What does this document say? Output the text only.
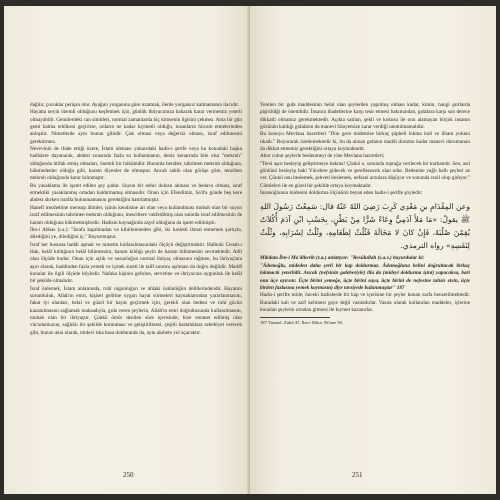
dağılır, çocuklar perişan olur. Ayağını yorganına göre uzatmak, ilerde yorgansız kalmamanın ilacıdır.
Hayatta neyin önemli olduğunu keşfetmek için, günlük ihtiyacımıza bakarak karar vermemiz yeterli olmayabilir. Gemilerdeki can simitleri, normal zamanlarda hiç kimsenin ilgisini çekmez. Ama bir gün gemi batma tehlikesi geçirirse, onların ne kadar kıymetli olduğu, insanların hücum etmelerinden anlaşılır. Nimetlerde aynı bunun gibidir. Çok olması veya değersiz olması, israf edilmesini gerektirmez.
Nevevinin de ifade ettiği üzere, İslam uleması yukarıdaki hadis-i şerife veya bu konudaki başka hadislere dayanarak, abdest sırasında fazla su kullanmanın, deniz kenarında bile olsa "mekruh" olduğunda ittifak etmiş olmaları, önemli bir hükümdür. Bununla beraber, tahrimen mekruh olduğuna, hükmedenler olduğu gibi, haram diyenler de olmuştur. Ancak sahih olan görüşe göre, tenzihen mekruh olduğunda karar kılınmıştır.
Bu yasaklama ile işaret edilen şey şudur. Suyun bir nehir dolusu akması ve bedava olması, israf etmektiki yasaklanmış ortadan kaldırmamış olmasıdır. Onun için Efendimiz, Sa'd'a günde beş kere abdest alırken israfla bulunmamasını gerektiğini hatırlatmıştır.
Hanefî mezhebine mensup âlimler, işinin kendisine ait olan veya kullanılması mubah olan bir suyun israf edilmesinin tahrimen mekruh olduğunu, mescitlere vakfedilmiş olan sularda israf edilmesinin de haram olduğuna hükmetmişlerdir. Hadisin kaynağında zayıf olduğuna da işaret edilmiştir.
İbn-i Abbas (r.a.): "İsrafa kapılmadan ve kibirlenmeden gibi, iki hasletti ihmal etmemek şartıyla, dilediğini ye, dilediğini iç." Buyurmuştur.
İsraf her hususta haddi aşmak ve nimetin kullanılmasındaki ölçüyü değiştirmektir. Halbuki Cenab-ı Hak, helâl kıldığının helâl bilinmesini, haram kıldığı şeyin de haram bilinmesini sevmektedir. Adil olan ölçüde budur. Onun için açlık ve susuzluğun normal ihtiyaç olmasına rağmen, bu ihtiyaçlara aşırı olarak, haddinden fazla yemek ve içmek sureti ile talif sınırını aşılması da doğru değildir. Maddî konular ile ilgili ölçüde böyledir. Nafaka kişinin gelirine, servetine ve ihtiyacına uygunluk ile helâl bir şekilde olmalıdır.
İsraf önlemek, İslam anlamında, ruhî olgunluğun ve ahlaki üstünlüğün delillerindendir. Hayatını sorumluluk, Allah'ın emri, kişisel gelirine uygun hayat sürmeleri kaynaklarından yararlanmasını, fakat iyi olanları, helal ve güzel bir hayat geçirmek için, gerekli olan bedeni ve ruhî gücün kazanılmasını sağlamak maksadıyla, gıda veren şeylerin, Allah'ın emri doğrultusunda kullanılmasını, mubah olan bir ihtiyaçtır. Çünkü ömür denilen süre içerisinde, bize emanet edilmiş olan vücudumuzun, sağlıklı bir şekilde korunması ve geliştirilmesi, çeşitli hastalıklara sebebiyet verecek gibi, bunun aksi olarak, midevi tıka basa doldurarak da, aynı akıbete yol açacaktır.
250
Yenilen bir gıda maddesinin helal olan şeylerden yapılmış olması kadar, kimin, hangi şartlarda pişirildiği de önemlidir. İnsanın ibadetlerine karşı tesir etmesi bakımından, gıdalara karşı son derece dikkatli olmamız gerekmektedir. Açıkta satılan, şekli ve kokusu ile onu alamayan birçok insanın gözünün kaldığı gıdaların da manevi bünyemize zarar verdiği unutulmamalıdır.
Bu konuyu Mevlana hazretleri "Dün gece midemize birkaç şüpheli lokma indi ve ilham yolunu tıkadı." Buyurarak özetlemektedir ki, bu da alınan gıdanın maddi durumu kadar manevi durumunun da dikkat etmemiz gerektiğini ortaya koymaktadır.
Abur cubur şeylerle beslenmeyi de yine Mevlana hazretleri;
"Tersi aşırı besleyip geliştirmeye bakma! Çünkü o, sonunda toprağa verilecek bir kurbandır. Sen, asıl gönlünü besleyip bak! Yücelere gidecek ve şereflenecek olan odur. Bedenine yağlı ballı şeyleri az ver. Çünkü onu beslemek, şehveti beslemek, nefsani arzulara düşüyor ve sonunda rezil olup gidiyor." Cümleleri ile en güzel bir şekilde ortaya koymaktadır.
İnsanoğlunun midesini doldurma ölçüsünü beyan eden hadis-i şerifte şöyledir:
وعن المِقْدَامِ بنِ مَعْدِي كَرِبَ رَضِيَ اللهُ عَنْهُ قال: سَمِعْتُ رَسُولَ اللهِ ﷺ يقولُ: «مَا مَلأَ آدَمِيٌّ وِعَاءً شَرًّا مِنْ بَطْنٍ، بِحَسْبِ ابْنِ آدَمَ أُكُلاَتٌ يُقِمْنَ صُلْبَهُ، فَإِنْ كانَ لا مَحَالَةَ فَثُلُثٌ لِطَعَامِهِ، وثُلُثٌ لِشَرَابِهِ، وثُلُثٌ لِنَفَسِهِ» رواه الترمذي.
Mikdam İbn-i Ma'dikerib (r.a.) anlatıyor: "Resûlullah (s.a.v.) buyurdular ki:
"Âdemoğlu, mideden daha şerli bir kap doldurmaz. Âdemoğluna belini doğrultacak birkaç lokmacık yeterlidir. Ancak (nefsinin galebesiyle) illa da (mideyi doldurma işini) yapacaksa, bari onu üçe ayırsın: Üçte birini yemeğe, üçte birini suya, üçte birini de nefesine tahsis etsin, üçte birden fazlasına yemek koymasın) diye tavsiyede bulunmuştur" 187
Hadis-i şerifte mide; önceki hadislerde bir kap ve içerisine bir şeyler konan zarfa benzetilmektedir. Buradaki kab ve zarf kelimesi gaye değil vasıtadırlar. Vasıta olarak kullanılan maddeler, içlerine konulan şeylerin ortadan gitmesi ile kıymet kazanırlar.
187 Tirmizî, Zühd 47; İbn-i Mâce, Et'ime 50,
251
